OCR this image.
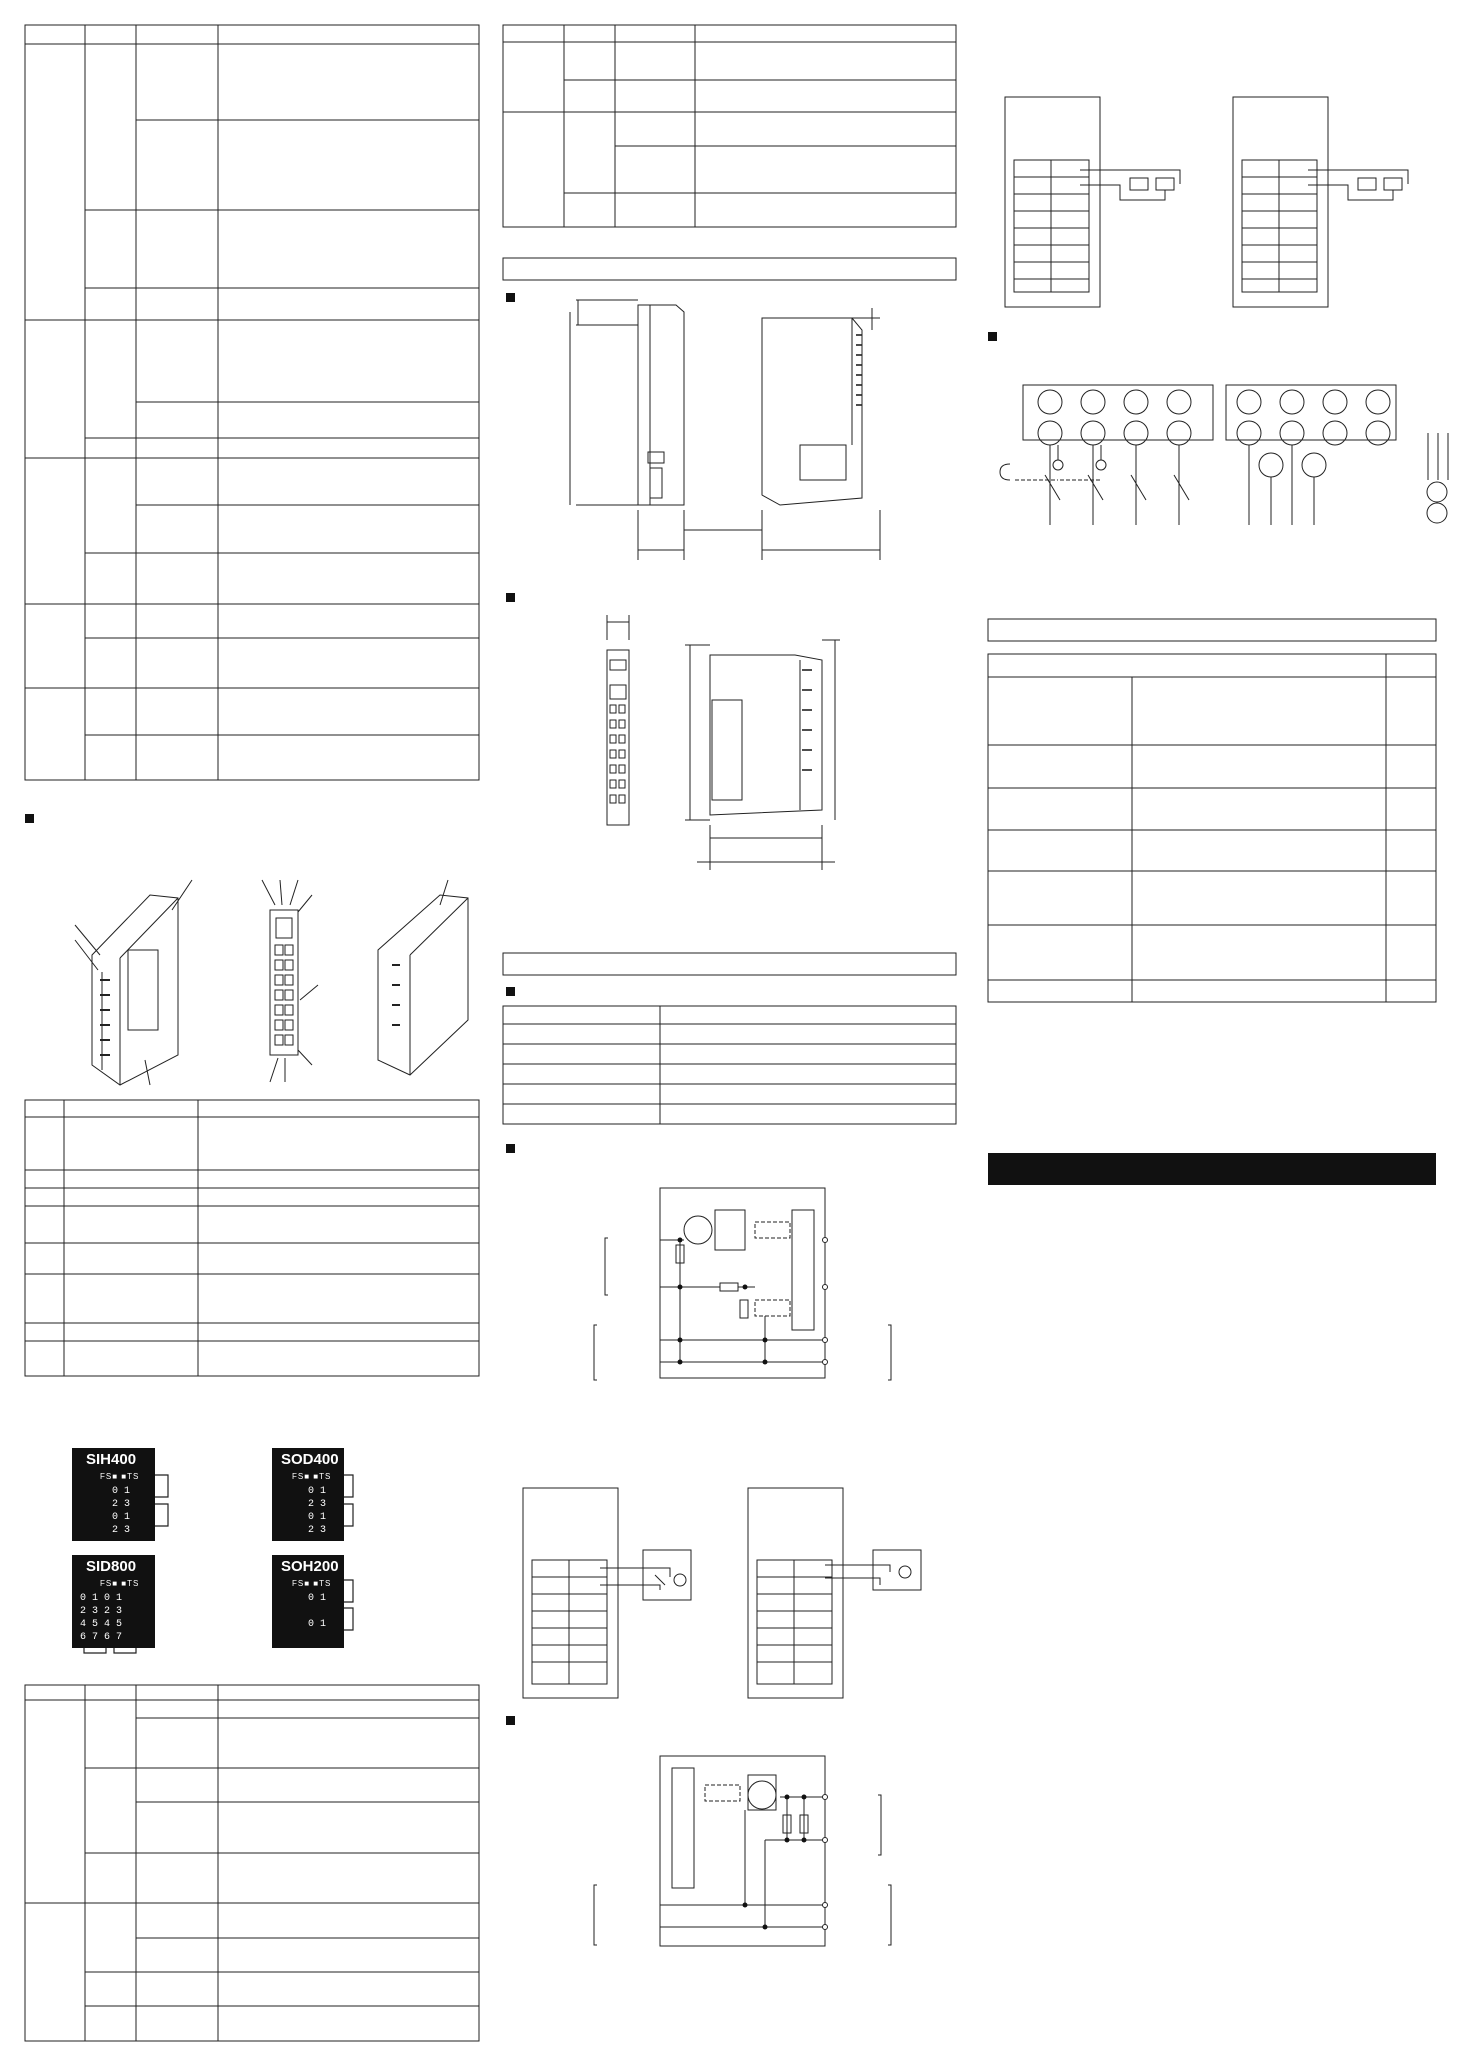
SIH400
FS■ ■TS
0 1
2 3
0 1
2 3
SOD400
FS■ ■TS
0 1
2 3
0 1
2 3
SID800
FS■ ■TS
0 1 0 1
2 3 2 3
4 5 4 5
6 7 6 7
SOH200
FS■ ■TS
0 1
0 1
